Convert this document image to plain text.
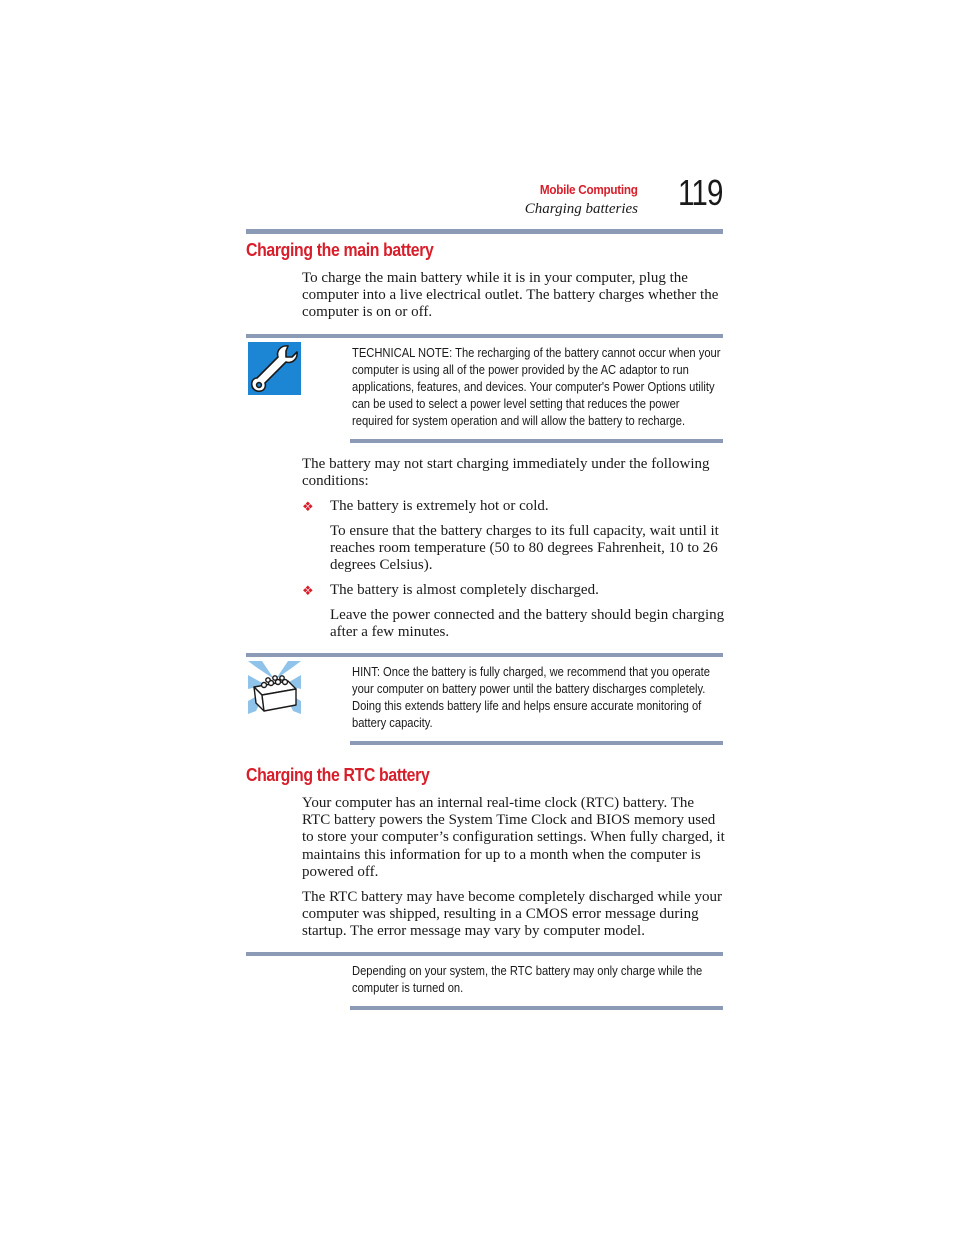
Mobile Computing
Charging batteries 119
Charging the main battery

To charge the main battery while it is in your computer, plug the computer into a live electrical outlet. The battery charges whether the computer is on or off.

TECHNICAL NOTE: The recharging of the battery cannot occur when your computer is using all of the power provided by the AC adaptor to run applications, features, and devices. Your computer's Power Options utility can be used to select a power level setting that reduces the power required for system operation and will allow the battery to recharge.

The battery may not start charging immediately under the following conditions:

❖ The battery is extremely hot or cold.

To ensure that the battery charges to its full capacity, wait until it reaches room temperature (50 to 80 degrees Fahrenheit, 10 to 26 degrees Celsius).

❖ The battery is almost completely discharged.

Leave the power connected and the battery should begin charging after a few minutes.

HINT: Once the battery is fully charged, we recommend that you operate your computer on battery power until the battery discharges completely. Doing this extends battery life and helps ensure accurate monitoring of battery capacity.
Charging the RTC battery

Your computer has an internal real-time clock (RTC) battery. The RTC battery powers the System Time Clock and BIOS memory used to store your computer’s configuration settings. When fully charged, it maintains this information for up to a month when the computer is powered off.

The RTC battery may have become completely discharged while your computer was shipped, resulting in a CMOS error message during startup. The error message may vary by computer model.

Depending on your system, the RTC battery may only charge while the computer is turned on.
